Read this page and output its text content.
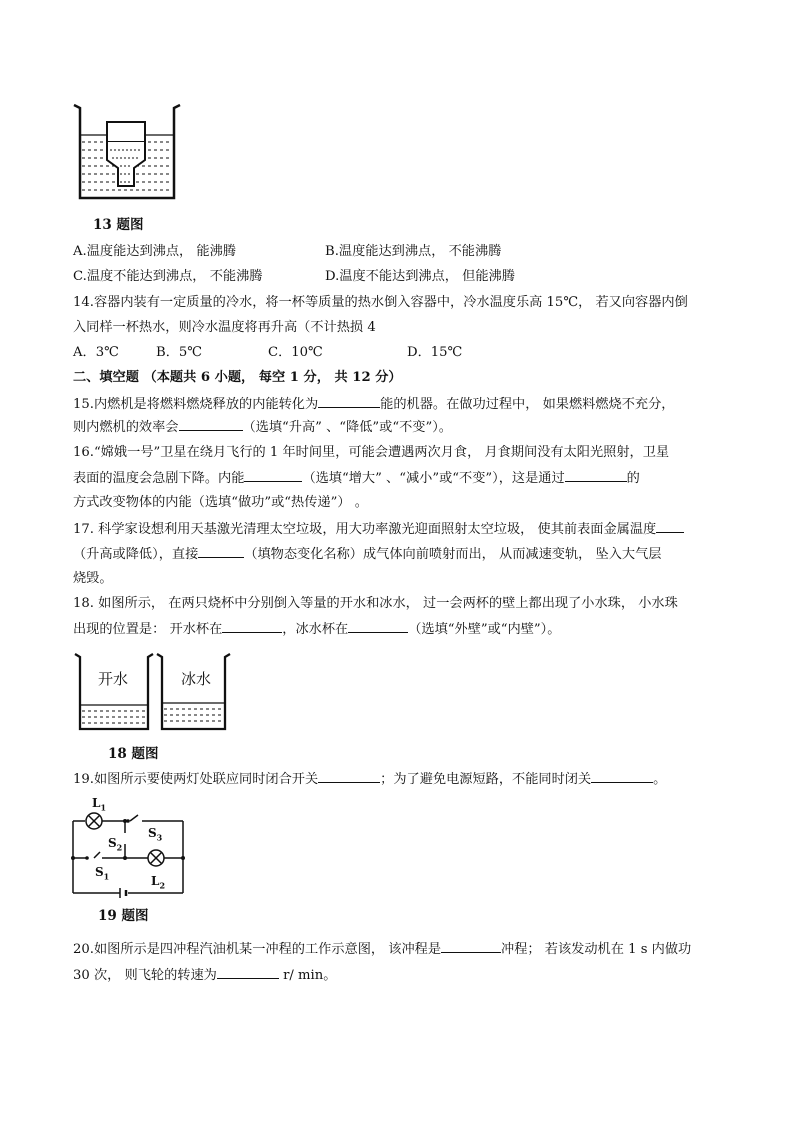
13 题图
A.温度能达到沸点， 能沸腾	B.温度能达到沸点， 不能沸腾
C.温度不能达到沸点， 不能沸腾	D.温度不能达到沸点， 但能沸腾
14.容器内装有一定质量的冷水，将一杯等质量的热水倒入容器中，冷水温度乐高 15℃， 若又向容器内倒
入同样一杯热水，则冷水温度将再升高（不计热损 4
A．3℃	B．5℃	C．10℃	D．15℃
二、填空题 （本题共 6 小题， 每空 1 分， 共 12 分）
15.内燃机是将燃料燃烧释放的内能转化为	能的机器。在做功过程中， 如果燃料燃烧不充分，
则内燃机的效率会	（选填“升高” 、“降低”或“不变”）。
16.“嫦娥一号”卫星在绕月飞行的 1 年时间里，可能会遭遇两次月食， 月食期间没有太阳光照射，卫星
表面的温度会急剧下降。内能	（选填“增大” 、“减小”或“不变”），这是通过	的
方式改变物体的内能（选填“做功”或“热传递”） 。
17. 科学家设想利用天基激光清理太空垃圾，用大功率激光迎面照射太空垃圾， 使其前表面金属温度
（升高或降低），直接	（填物态变化名称）成气体向前喷射而出， 从而减速变轨， 坠入大气层
烧毁。
18. 如图所示， 在两只烧杯中分别倒入等量的开水和冰水， 过一会两杯的壁上都出现了小水珠， 小水珠
出现的位置是： 开水杯在	，冰水杯在	（选填“外壁”或“内壁”）。
开水	冰水
18 题图
19.如图所示要使两灯处联应同时闭合开关	；为了避免电源短路，不能同时闭关	。
$L_1$
$S_3$
$S_2$
$S_1$	$L_2$
19 题图
20.如图所示是四冲程汽油机某一冲程的工作示意图， 该冲程是	冲程； 若该发动机在 1 s 内做功
30 次， 则飞轮的转速为	r/ min。
